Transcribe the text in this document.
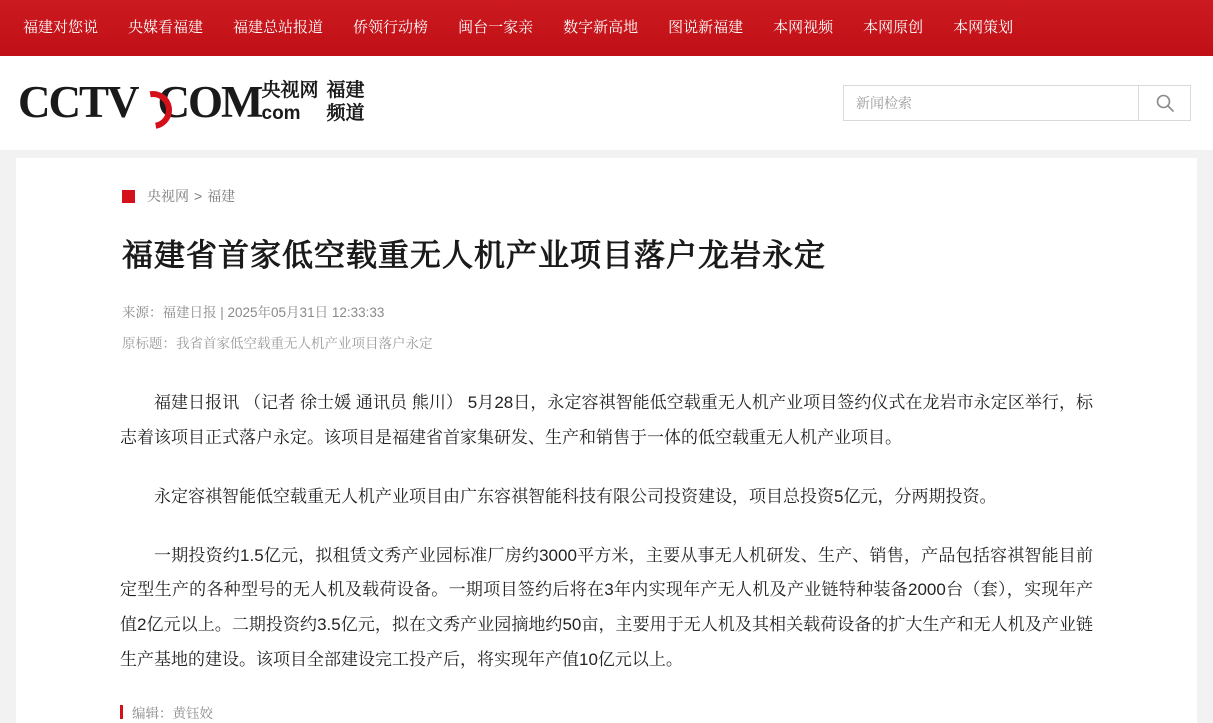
福建对您说	央媒看福建	福建总站报道	侨领行动榜	闽台一家亲	数字新高地	图说新福建	本网视频	本网原创	本网策划
CCTV COM 央视网
com
福建
频道
新闻检索
央视网 > 福建
福建省首家低空载重无人机产业项目落户龙岩永定
来源：福建日报 | 2025年05月31日 12:33:33
原标题：我省首家低空载重无人机产业项目落户永定

福建日报讯 （记者 徐士媛 通讯员 熊川） 5月28日，永定容祺智能低空载重无人机产业项目签约仪式在龙岩市永定区举行，标志着该项目正式落户永定。该项目是福建省首家集研发、生产和销售于一体的低空载重无人机产业项目。

永定容祺智能低空载重无人机产业项目由广东容祺智能科技有限公司投资建设，项目总投资5亿元，分两期投资。

一期投资约1.5亿元，拟租赁文秀产业园标准厂房约3000平方米，主要从事无人机研发、生产、销售，产品包括容祺智能目前定型生产的各种型号的无人机及载荷设备。一期项目签约后将在3年内实现年产无人机及产业链特种装备2000台（套），实现年产值2亿元以上。二期投资约3.5亿元，拟在文秀产业园摘地约50亩，主要用于无人机及其相关载荷设备的扩大生产和无人机及产业链生产基地的建设。该项目全部建设完工投产后，将实现年产值10亿元以上。

编辑： 黄钰姣
